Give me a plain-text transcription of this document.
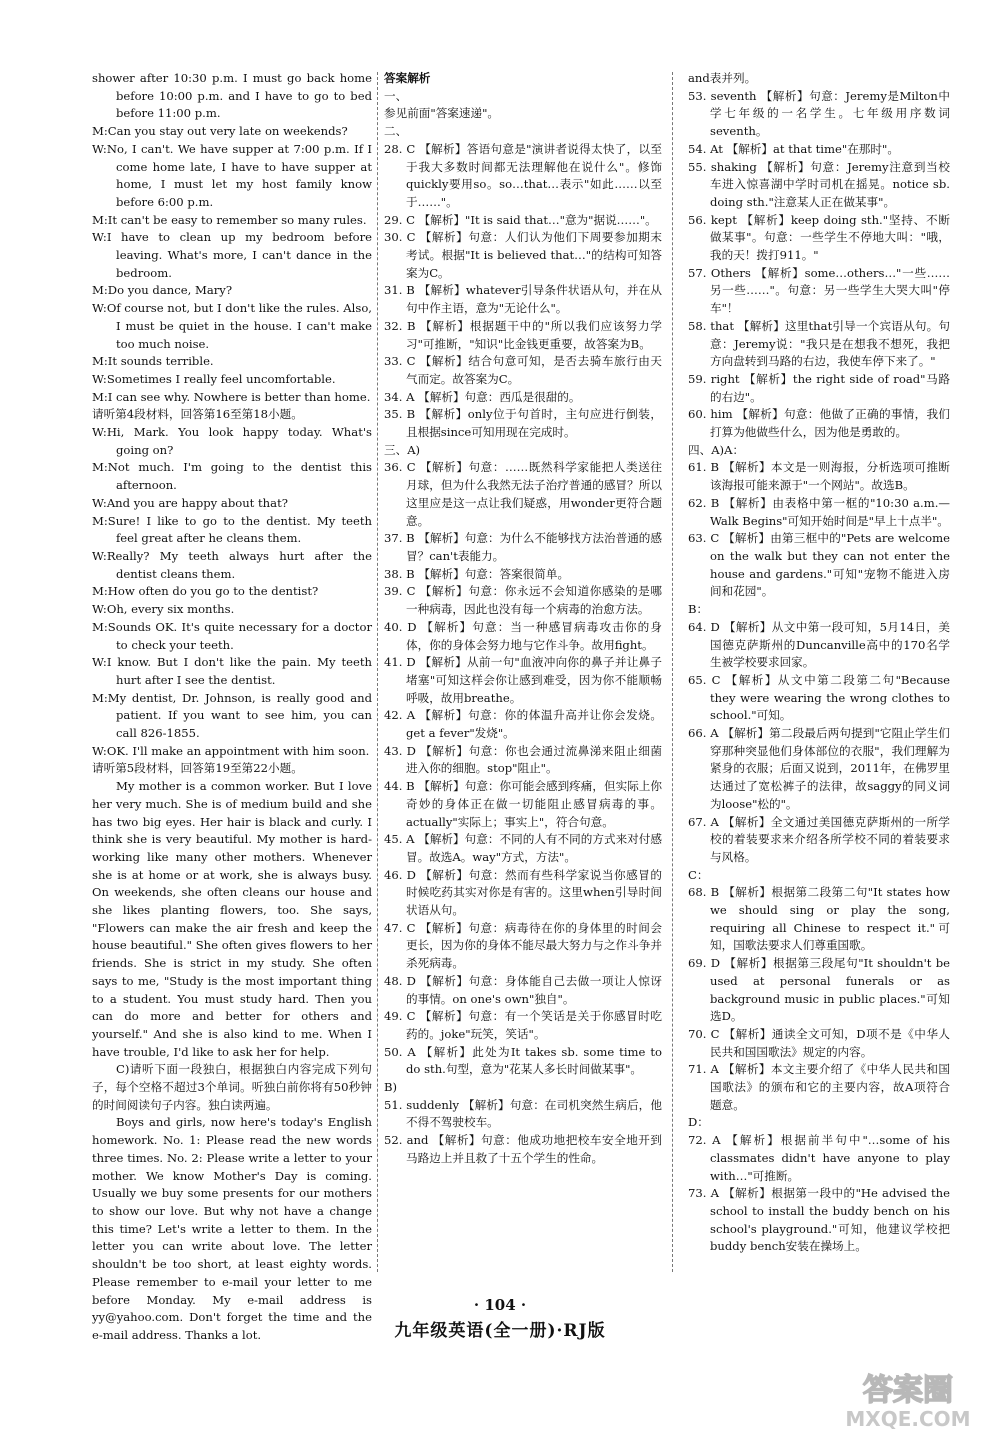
shower after 10:30 p.m. I must go back home before 10:00 p.m. and I have to go to bed before 11:00 p.m.
M:Can you stay out very late on weekends?
W:No, I can't. We have supper at 7:00 p.m. If I come home late, I have to have supper at home, I must let my host family know before 6:00 p.m.
M:It can't be easy to remember so many rules.
W:I have to clean up my bedroom before leaving. What's more, I can't dance in the bedroom.
M:Do you dance, Mary?
W:Of course not, but I don't like the rules. Also, I must be quiet in the house. I can't make too much noise.
M:It sounds terrible.
W:Sometimes I really feel uncomfortable.
M:I can see why. Nowhere is better than home.
请听第4段材料，回答第16至第18小题。
W:Hi, Mark. You look happy today. What's going on?
M:Not much. I'm going to the dentist this afternoon.
W:And you are happy about that?
M:Sure! I like to go to the dentist. My teeth feel great after he cleans them.
W:Really? My teeth always hurt after the dentist cleans them.
M:How often do you go to the dentist?
W:Oh, every six months.
M:Sounds OK. It's quite necessary for a doctor to check your teeth.
W:I know. But I don't like the pain. My teeth hurt after I see the dentist.
M:My dentist, Dr. Johnson, is really good and patient. If you want to see him, you can call 826-1855.
W:OK. I'll make an appointment with him soon.
请听第5段材料，回答第19至第22小题。
My mother is a common worker. But I love her very much. She is of medium build and she has two big eyes. Her hair is black and curly. I think she is very beautiful. My mother is hard-working like many other mothers. Whenever she is at home or at work, she is always busy. On weekends, she often cleans our house and she likes planting flowers, too. She says, "Flowers can make the air fresh and keep the house beautiful." She often gives flowers to her friends. She is strict in my study. She often says to me, "Study is the most important thing to a student. You must study hard. Then you can do more and better for others and yourself." And she is also kind to me. When I have trouble, I'd like to ask her for help.
C)请听下面一段独白，根据独白内容完成下列句子，每个空格不超过3个单词。听独白前你将有50秒钟的时间阅读句子内容。独白读两遍。
Boys and girls, now here's today's English homework. No. 1: Please read the new words three times. No. 2: Please write a letter to your mother. We know Mother's Day is coming. Usually we buy some presents for our mothers to show our love. But why not have a change this time? Let's write a letter to them. In the letter you can write about love. The letter shouldn't be too short, at least eighty words. Please remember to e-mail your letter to me before Monday. My e-mail address is yy@yahoo.com. Don't forget the time and the e-mail address. Thanks a lot.
答案解析
一、
参见前面"答案速递"。
二、
28. C 【解析】答语句意是"演讲者说得太快了，以至于我大多数时间都无法理解他在说什么"。修饰quickly要用so。so…that…表示"如此……以至于……"。
29. C 【解析】"It is said that…"意为"据说……"。
30. C 【解析】句意：人们认为他们下周要参加期末考试。根据"It is believed that…"的结构可知答案为C。
31. B 【解析】whatever引导条件状语从句，并在从句中作主语，意为"无论什么"。
32. B 【解析】根据题干中的"所以我们应该努力学习"可推断，"知识"比金钱更重要，故答案为B。
33. C 【解析】结合句意可知，是否去骑车旅行由天气而定。故答案为C。
34. A 【解析】句意：西瓜是很甜的。
35. B 【解析】only位于句首时，主句应进行倒装，且根据since可知用现在完成时。
三、A)
36. C 【解析】句意：……既然科学家能把人类送往月球，但为什么我然无法子治疗普通的感冒？所以这里应是这一点让我们疑惑，用wonder更符合题意。
37. B 【解析】句意：为什么不能够找方法治普通的感冒？can't表能力。
38. B 【解析】句意：答案很简单。
39. C 【解析】句意：你永远不会知道你感染的是哪一种病毒，因此也没有每一个病毒的治愈方法。
40. D 【解析】句意：当一种感冒病毒攻击你的身体，你的身体会努力地与它作斗争。故用fight。
41. D 【解析】从前一句"血液冲向你的鼻子并让鼻子堵塞"可知这样会你让感到难受，因为你不能顺畅呼吸，故用breathe。
42. A 【解析】句意：你的体温升高并让你会发烧。get a fever"发烧"。
43. D 【解析】句意：你也会通过流鼻涕来阻止细菌进入你的细胞。stop"阻止"。
44. B 【解析】句意：你可能会感到疼痛，但实际上你奇妙的身体正在做一切能阻止感冒病毒的事。actually"实际上；事实上"，符合句意。
45. A 【解析】句意：不同的人有不同的方式来对付感冒。故选A。way"方式，方法"。
46. D 【解析】句意：然而有些科学家说当你感冒的时候吃药其实对你是有害的。这里when引导时间状语从句。
47. C 【解析】句意：病毒待在你的身体里的时间会更长，因为你的身体不能尽最大努力与之作斗争并杀死病毒。
48. D 【解析】句意：身体能自己去做一项让人惊讶的事情。on one's own"独自"。
49. C 【解析】句意：有一个笑话是关于你感冒时吃药的。joke"玩笑，笑话"。
50. A 【解析】此处为It takes sb. some time to do sth.句型，意为"花某人多长时间做某事"。
B)
51. suddenly 【解析】句意：在司机突然生病后，他不得不驾驶校车。
52. and 【解析】句意：他成功地把校车安全地开到马路边上并且救了十五个学生的性命。
and表并列。
53. seventh 【解析】句意：Jeremy是Milton中学七年级的一名学生。七年级用序数词seventh。
54. At 【解析】at that time"在那时"。
55. shaking 【解析】句意：Jeremy注意到当校车进入惊喜湖中学时司机在摇晃。notice sb. doing sth."注意某人正在做某事"。
56. kept 【解析】keep doing sth."坚持、不断做某事"。句意：一些学生不停地大叫："哦，我的天！拨打911。"
57. Others 【解析】some…others…"一些……另一些……"。句意：另一些学生大哭大叫"停车"！
58. that 【解析】这里that引导一个宾语从句。句意：Jeremy说："我只是在想我不想死，我把方向盘转到马路的右边，我使车停下来了。"
59. right 【解析】the right side of road"马路的右边"。
60. him 【解析】句意：他做了正确的事情，我们打算为他做些什么，因为他是勇敢的。
四、A)A：
61. B 【解析】本文是一则海报，分析选项可推断该海报可能来源于"一个网站"。故选B。
62. B 【解析】由表格中第一框的"10:30 a.m.—Walk Begins"可知开始时间是"早上十点半"。
63. C 【解析】由第三框中的"Pets are welcome on the walk but they can not enter the house and gardens."可知"宠物不能进入房间和花园"。
B：
64. D 【解析】从文中第一段可知，5月14日，美国德克萨斯州的Duncanville高中的170名学生被学校要求回家。
65. C 【解析】从文中第二段第二句"Because they were wearing the wrong clothes to school."可知。
66. A 【解析】第二段最后两句提到"它阻止学生们穿那种突显他们身体部位的衣服"，我们理解为紧身的衣服；后面又说到，2011年，在佛罗里达通过了宽松裤子的法律，故saggy的同义词为loose"松的"。
67. A 【解析】全文通过美国德克萨斯州的一所学校的着装要求来介绍各所学校不同的着装要求与风格。
C：
68. B 【解析】根据第二段第二句"It states how we should sing or play the song, requiring all Chinese to respect it."可知，国歌法要求人们尊重国歌。
69. D 【解析】根据第三段尾句"It shouldn't be used at personal funerals or as background music in public places."可知选D。
70. C 【解析】通读全文可知，D项不是《中华人民共和国国歌法》规定的内容。
71. A 【解析】本文主要介绍了《中华人民共和国国歌法》的颁布和它的主要内容，故A项符合题意。
D：
72. A 【解析】根据前半句中"…some of his classmates didn't have anyone to play with…"可推断。
73. A 【解析】根据第一段中的"He advised the school to install the buddy bench on his school's playground."可知，他建议学校把buddy bench安装在操场上。
· 104 ·
九年级英语(全一册)·RJ版
答案圈
MXQE.COM
